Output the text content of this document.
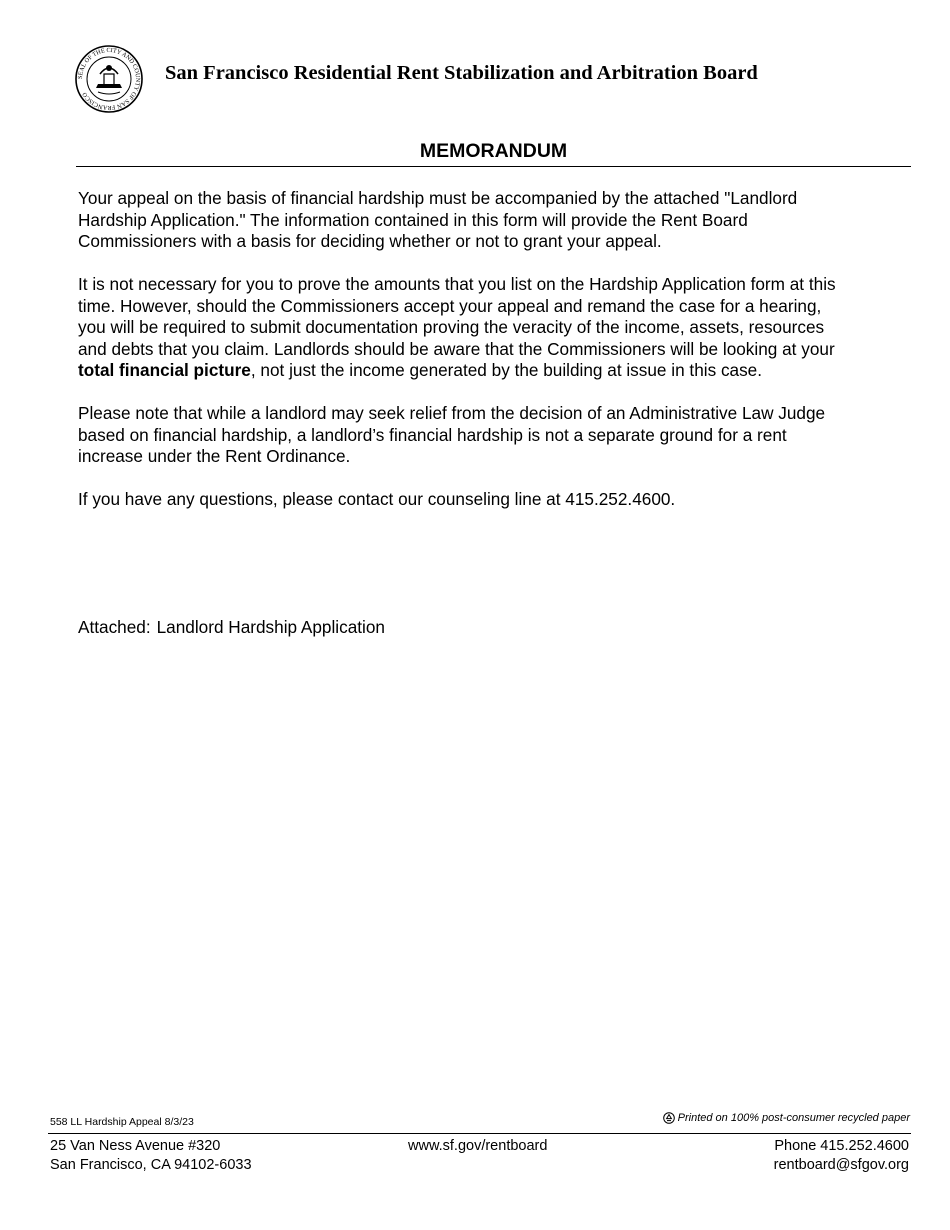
SEAL OF THE CITY AND COUNTY OF SAN FRANCISCO
San Francisco Residential Rent Stabilization and Arbitration Board
MEMORANDUM

Your appeal on the basis of financial hardship must be accompanied by the attached "Landlord
Hardship Application." The information contained in this form will provide the Rent Board
Commissioners with a basis for deciding whether or not to grant your appeal.

It is not necessary for you to prove the amounts that you list on the Hardship Application form at this
time. However, should the Commissioners accept your appeal and remand the case for a hearing,
you will be required to submit documentation proving the veracity of the income, assets, resources
and debts that you claim. Landlords should be aware that the Commissioners will be looking at your
total financial picture, not just the income generated by the building at issue in this case.

Please note that while a landlord may seek relief from the decision of an Administrative Law Judge
based on financial hardship, a landlord’s financial hardship is not a separate ground for a rent
increase under the Rent Ordinance.

If you have any questions, please contact our counseling line at 415.252.4600.

Attached: Landlord Hardship Application
558 LL Hardship Appeal 8/3/23	Printed on 100% post-consumer recycled paper
25 Van Ness Avenue #320
San Francisco, CA 94102-6033
www.sf.gov/rentboard	Phone 415.252.4600
rentboard@sfgov.org
